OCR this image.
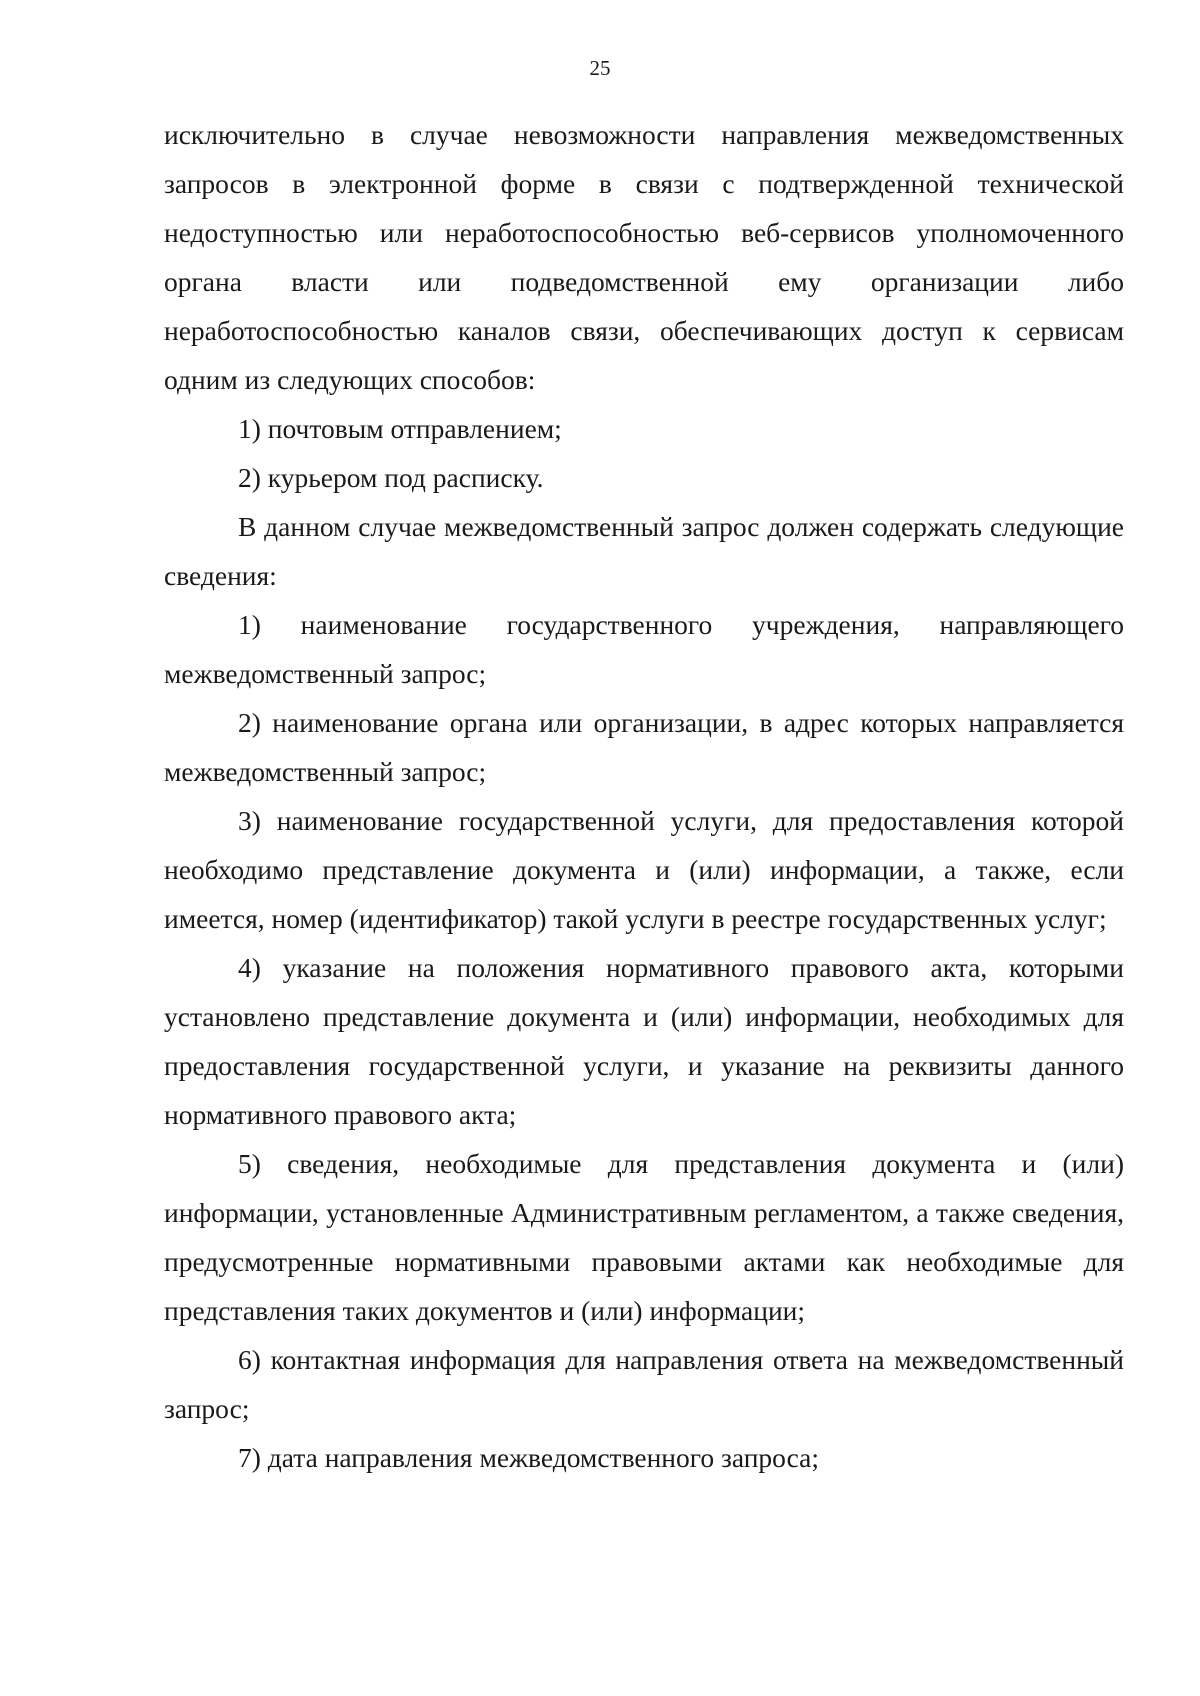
25

исключительно в случае невозможности направления межведомственных запросов в электронной форме в связи с подтвержденной технической недоступностью или неработоспособностью веб-сервисов уполномоченного органа власти или подведомственной ему организации либо неработоспособностью каналов связи, обеспечивающих доступ к сервисам одним из следующих способов:

1) почтовым отправлением;

2) курьером под расписку.

В данном случае межведомственный запрос должен содержать следующие сведения:

1) наименование государственного учреждения, направляющего межведомственный запрос;

2) наименование органа или организации, в адрес которых направляется межведомственный запрос;

3) наименование государственной услуги, для предоставления которой необходимо представление документа и (или) информации, а также, если имеется, номер (идентификатор) такой услуги в реестре государственных услуг;

4) указание на положения нормативного правового акта, которыми установлено представление документа и (или) информации, необходимых для предоставления государственной услуги, и указание на реквизиты данного нормативного правового акта;

5) сведения, необходимые для представления документа и (или) информации, установленные Административным регламентом, а также сведения, предусмотренные нормативными правовыми актами как необходимые для представления таких документов и (или) информации;

6) контактная информация для направления ответа на межведомственный запрос;

7) дата направления межведомственного запроса;
